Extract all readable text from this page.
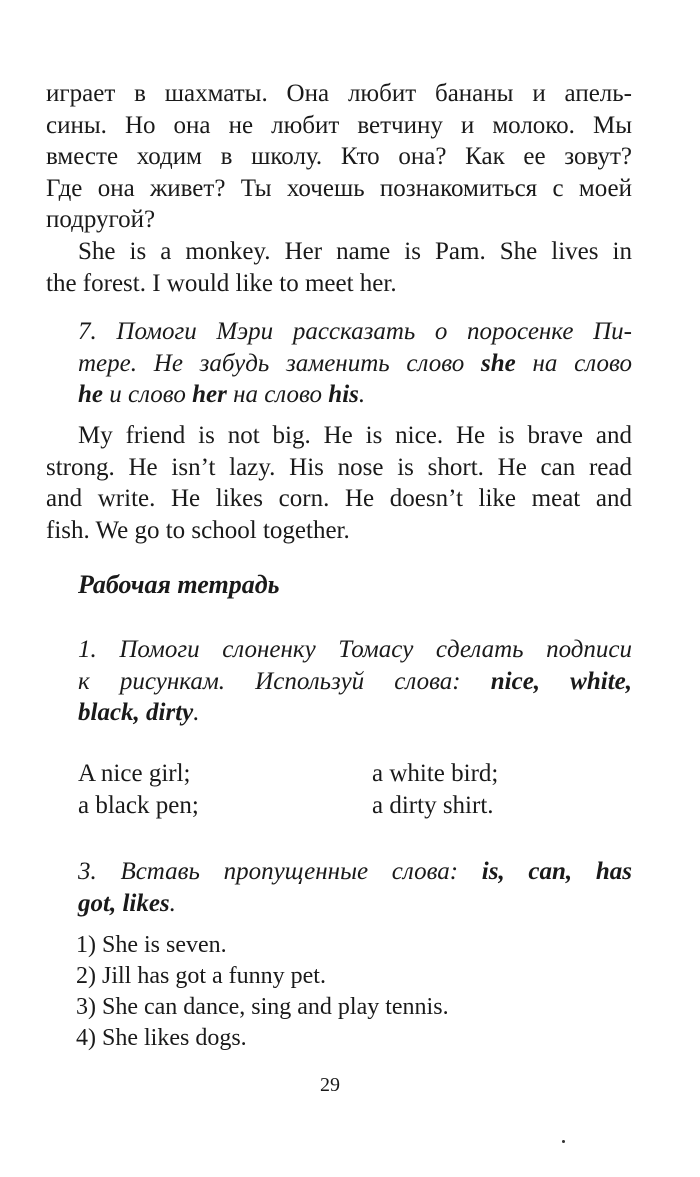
играет в шахматы. Она любит бананы и апель-
сины. Но она не любит ветчину и молоко. Мы
вместе ходим в школу. Кто она? Как ее зовут?
Где она живет? Ты хочешь познакомиться с моей
подругой?
She is a monkey. Her name is Pam. She lives in
the forest. I would like to meet her.
7. Помоги Мэри рассказать о поросенке Пи-
тере. Не забудь заменить слово she на слово
he и слово her на слово his.
My friend is not big. He is nice. He is brave and
strong. He isn’t lazy. His nose is short. He can read
and write. He likes corn. He doesn’t like meat and
fish. We go to school together.

Рабочая тетрадь

1. Помоги слоненку Томасу сделать подписи
к рисункам. Используй слова: nice, white,
black, dirty.
A nice girl;
a black pen;
a white bird;
a dirty shirt.
3. Вставь пропущенные слова: is, can, has
got, likes.
1) She is seven.
2) Jill has got a funny pet.
3) She can dance, sing and play tennis.
4) She likes dogs.
29
